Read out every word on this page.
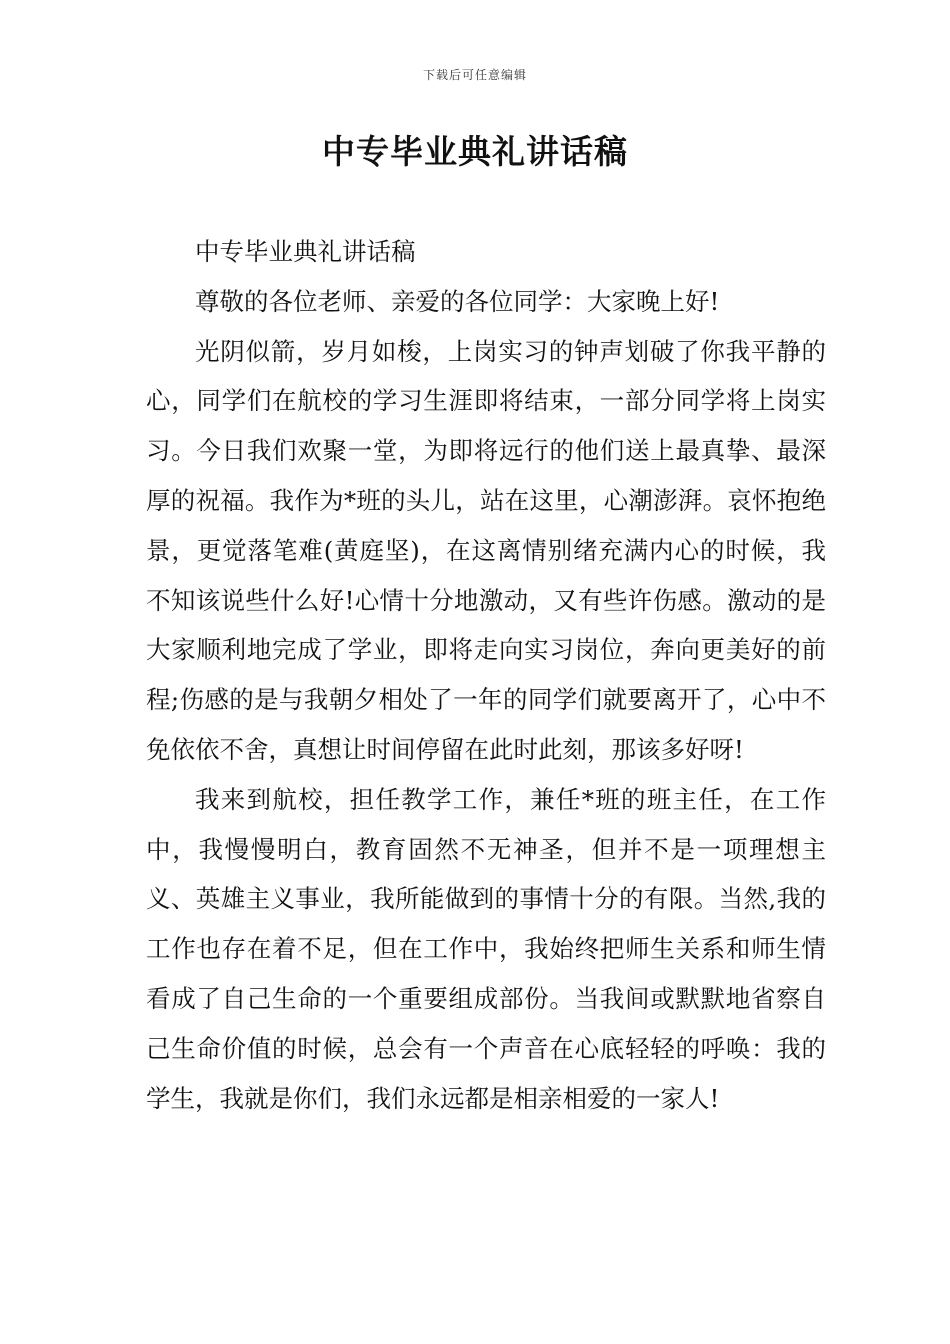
下载后可任意编辑
中专毕业典礼讲话稿

中专毕业典礼讲话稿

尊敬的各位老师、亲爱的各位同学：大家晚上好!

光阴似箭，岁月如梭，上岗实习的钟声划破了你我平静的心，同学们在航校的学习生涯即将结束，一部分同学将上岗实习。今日我们欢聚一堂，为即将远行的他们送上最真挚、最深厚的祝福。我作为*班的头儿，站在这里，心潮澎湃。哀怀抱绝景，更觉落笔难(黄庭坚)，在这离情别绪充满内心的时候，我不知该说些什么好!心情十分地激动，又有些许伤感。激动的是大家顺利地完成了学业，即将走向实习岗位，奔向更美好的前程;伤感的是与我朝夕相处了一年的同学们就要离开了，心中不免依依不舍，真想让时间停留在此时此刻，那该多好呀!

我来到航校，担任教学工作，兼任*班的班主任，在工作中，我慢慢明白，教育固然不无神圣，但并不是一项理想主义、英雄主义事业，我所能做到的事情十分的有限。当然,我的工作也存在着不足，但在工作中，我始终把师生关系和师生情看成了自己生命的一个重要组成部份。当我间或默默地省察自己生命价值的时候，总会有一个声音在心底轻轻的呼唤：我的学生，我就是你们，我们永远都是相亲相爱的一家人!
